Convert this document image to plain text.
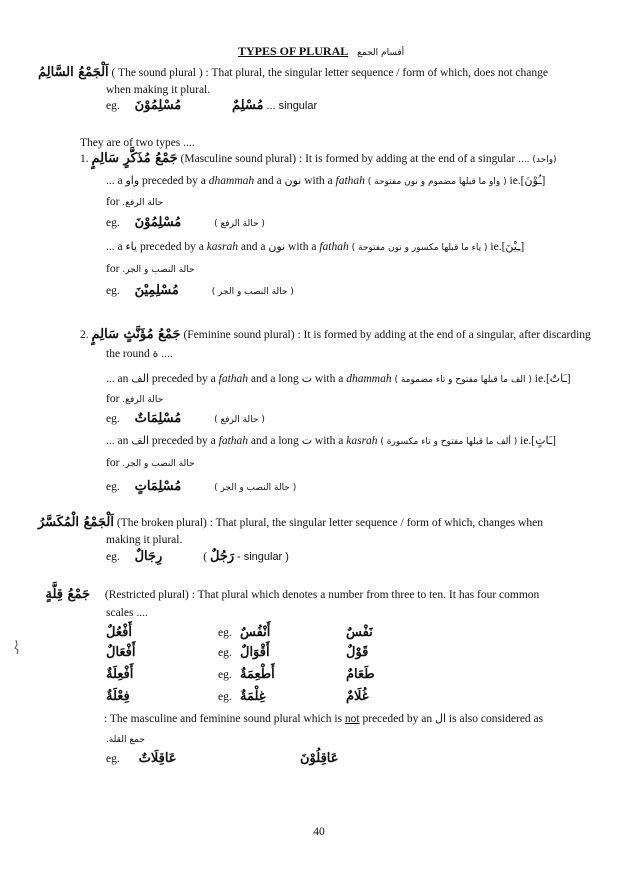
TYPES OF PLURAL أقسام الجمع
اَلْجَمْعُ السَّالِمُ ( The sound plural ) : That plural, the singular letter sequence / form of which, does not change
when making it plural.
eg. مُسْلِمُوْنَ	مُسْلِمٌ ... singular
They are of two types ....
1. جَمْعُ مُذَكَّرٍ سَالِمٍ (Masculine sound plural) : It is formed by adding at the end of a singular (واحد) ....
... a واو preceded by a dhammah and a نون with a fathah ( واو ما قبلها مضموم و نون مفتوحة ) ie.[ـُوْنَ]
for حالة الرفع.
eg. مُسْلِمُوْنَ	( حالة الرفع )
... a ياء preceded by a kasrah and a نون with a fathah ( ياء ما قبلها مكسور و نون مفتوحة ) ie.[ـِيْنَ]
for حالة النصب و الجر.
eg. مُسْلِمِيْنَ	( حالة النصب و الجر )
2. جَمْعُ مُؤَنَّثٍ سَالِمٍ (Feminine sound plural) : It is formed by adding at the end of a singular, after discarding
the round ة ....
... an الف preceded by a fathah and a long ت with a dhammah ( الف ما قبلها مفتوح و تاء مضمومة ) ie.[ـَاتٌ]
for حالة الرفع.
eg. مُسْلِمَاتٌ	( حالة الرفع )
... an الف preceded by a fathah and a long ت with a kasrah ( ألف ما قبلها مفتوح و تاء مكسورة ) ie.[ـَاتٍ]
for حالة النصب و الجر.
eg. مُسْلِمَاتٍ	( حالة النصب و الجر )
اَلْجَمْعُ الْمُكَسَّرُ (The broken plural) : That plural, the singular letter sequence / form of which, changes when
making it plural.
eg. رِجَالٌ	( رَجُلٌ - singular )
جَمْعُ قِلَّةٍ (Restricted plural) : That plural which denotes a number from three to ten. It has four common
scales ....
أَفْعُلٌ	eg. أَنْفُسٌ	نَفْسٌ
أَفْعَالٌ	eg. أَقْوَالٌ	قَوْلٌ
أَفْعِلَةٌ	eg. أَطْعِمَةٌ	طَعَامٌ
فِعْلَةٌ	eg. غِلْمَةٌ	غُلَامٌ
: The masculine and feminine sound plural which is not preceded by an ال is also considered as
جمع القلة.
eg. عَاقِلَاتٌ	عَاقِلُوْنَ
40
